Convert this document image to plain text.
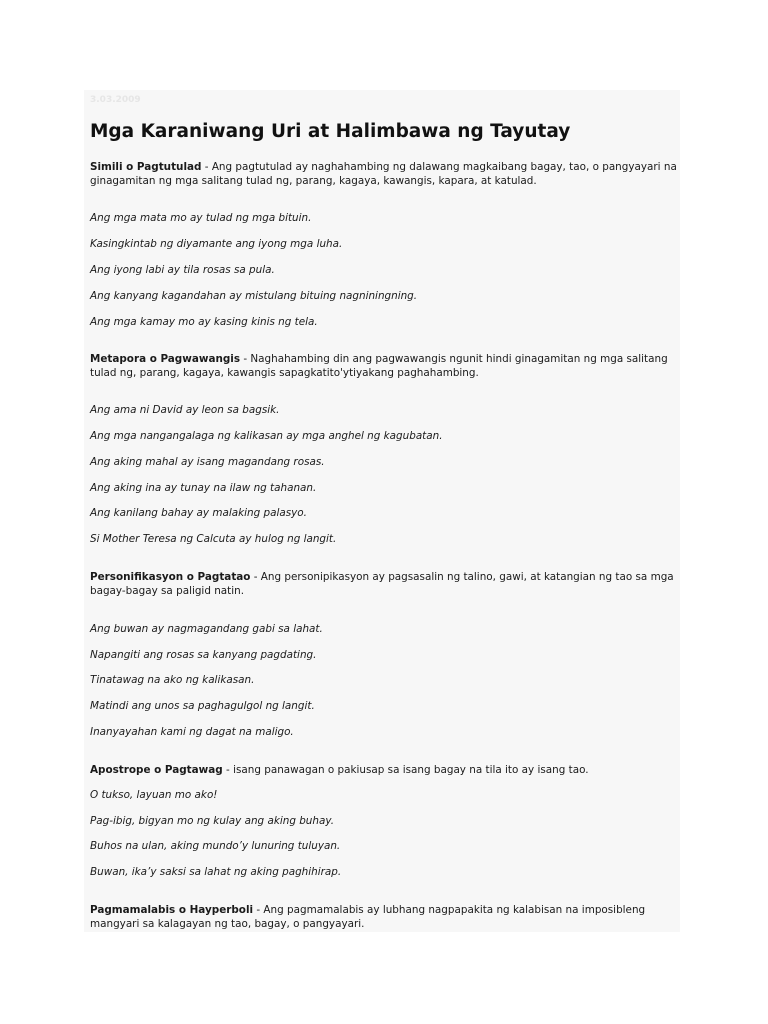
3.03.2009
Mga Karaniwang Uri at Halimbawa ng Tayutay

Simili o Pagtutulad - Ang pagtutulad ay naghahambing ng dalawang magkaibang bagay, tao, o pangyayari na ginagamitan ng mga salitang tulad ng, parang, kagaya, kawangis, kapara, at katulad.

Ang mga mata mo ay tulad ng mga bituin.

Kasingkintab ng diyamante ang iyong mga luha.

Ang iyong labi ay tila rosas sa pula.

Ang kanyang kagandahan ay mistulang bituing nagniningning.

Ang mga kamay mo ay kasing kinis ng tela.

Metapora o Pagwawangis - Naghahambing din ang pagwawangis ngunit hindi ginagamitan ng mga salitang tulad ng, parang, kagaya, kawangis sapagkatito'ytiyakang paghahambing.

Ang ama ni David ay leon sa bagsik.

Ang mga nangangalaga ng kalikasan ay mga anghel ng kagubatan.

Ang aking mahal ay isang magandang rosas.

Ang aking ina ay tunay na ilaw ng tahanan.

Ang kanilang bahay ay malaking palasyo.

Si Mother Teresa ng Calcuta ay hulog ng langit.

Personifikasyon o Pagtatao - Ang personipikasyon ay pagsasalin ng talino, gawi, at katangian ng tao sa mga bagay-bagay sa paligid natin.

Ang buwan ay nagmagandang gabi sa lahat.

Napangiti ang rosas sa kanyang pagdating.

Tinatawag na ako ng kalikasan.

Matindi ang unos sa paghagulgol ng langit.

Inanyayahan kami ng dagat na maligo.

Apostrope o Pagtawag - isang panawagan o pakiusap sa isang bagay na tila ito ay isang tao.

O tukso, layuan mo ako!

Pag-ibig, bigyan mo ng kulay ang aking buhay.

Buhos na ulan, aking mundo’y lunuring tuluyan.

Buwan, ika’y saksi sa lahat ng aking paghihirap.

Pagmamalabis o Hayperboli - Ang pagmamalabis ay lubhang nagpapakita ng kalabisan na imposibleng mangyari sa kalagayan ng tao, bagay, o pangyayari.
